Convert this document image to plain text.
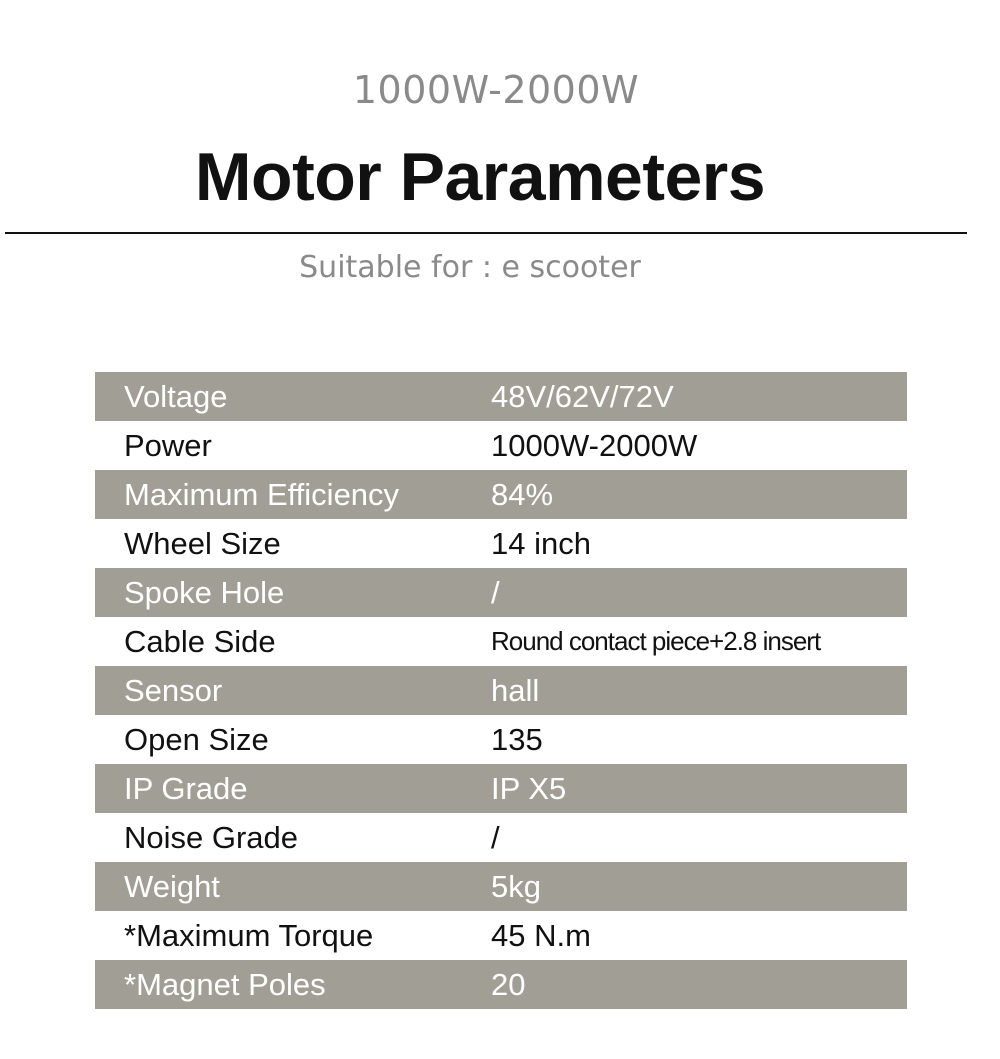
1000W-2000W
Motor Parameters
Suitable for : e scooter
Voltage	48V/62V/72V
Power	1000W-2000W
Maximum Efficiency	84%
Wheel Size	14 inch
Spoke Hole	/
Cable Side	Round contact piece+2.8 insert
Sensor	hall
Open Size	135
IP Grade	IP X5
Noise Grade	/
Weight	5kg
*Maximum Torque	45 N.m
*Magnet Poles	20
